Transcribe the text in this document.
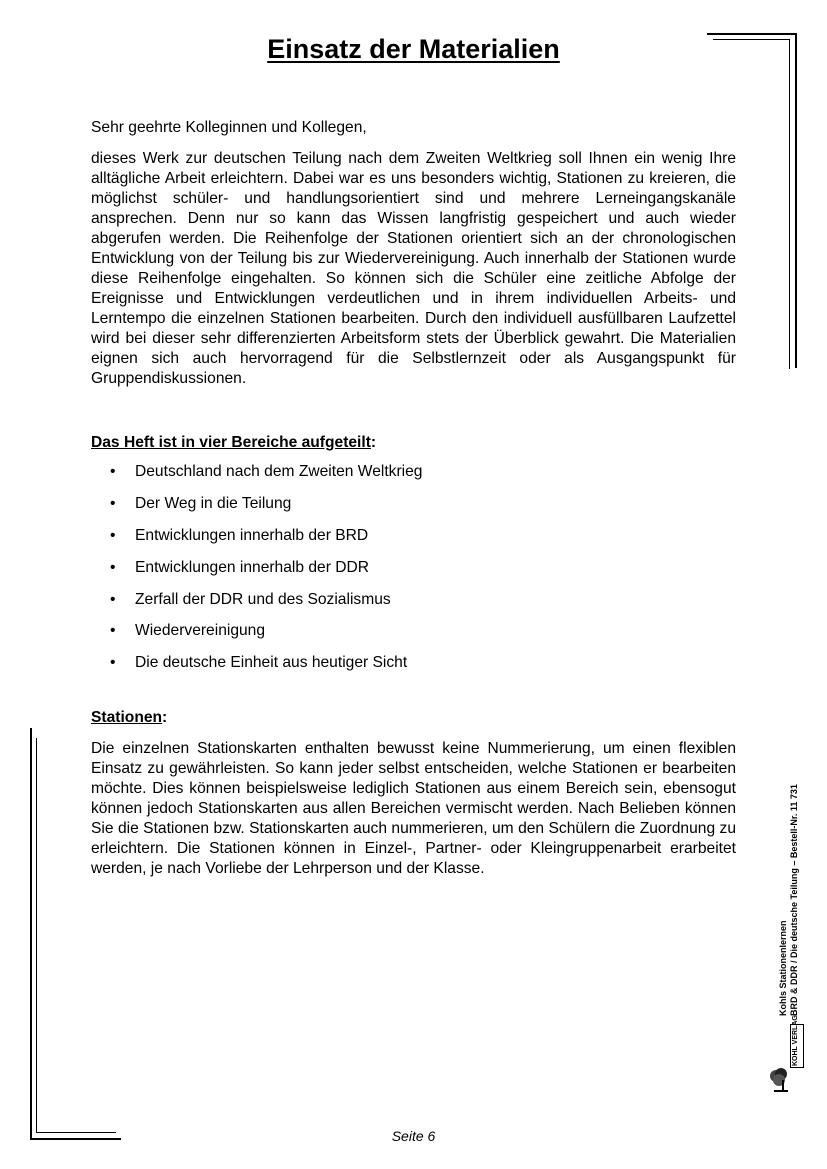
Einsatz der Materialien

Sehr geehrte Kolleginnen und Kollegen,

dieses Werk zur deutschen Teilung nach dem Zweiten Weltkrieg soll Ihnen ein wenig Ihre alltägliche Arbeit erleichtern. Dabei war es uns besonders wichtig, Stationen zu kreieren, die möglichst schüler- und handlungsorientiert sind und mehrere Lerneingangskanäle ansprechen. Denn nur so kann das Wissen langfristig gespeichert und auch wieder abgerufen werden. Die Reihenfolge der Stationen orientiert sich an der chronologischen Entwicklung von der Teilung bis zur Wiedervereinigung. Auch innerhalb der Stationen wurde diese Reihenfolge eingehalten. So können sich die Schüler eine zeitliche Abfolge der Ereignisse und Entwicklungen verdeutlichen und in ihrem individuellen Arbeits- und Lerntempo die einzelnen Stationen bearbeiten. Durch den individuell ausfüllbaren Laufzettel wird bei dieser sehr differenzierten Arbeitsform stets der Überblick gewahrt. Die Materialien eignen sich auch hervorragend für die Selbstlernzeit oder als Ausgangspunkt für Gruppendiskussionen.

Das Heft ist in vier Bereiche aufgeteilt:

•	Deutschland nach dem Zweiten Weltkrieg
•	Der Weg in die Teilung
•	Entwicklungen innerhalb der BRD
•	Entwicklungen innerhalb der DDR
•	Zerfall der DDR und des Sozialismus
•	Wiedervereinigung
•	Die deutsche Einheit aus heutiger Sicht

Stationen:

Die einzelnen Stationskarten enthalten bewusst keine Nummerierung, um einen flexiblen Einsatz zu gewährleisten. So kann jeder selbst entscheiden, welche Stationen er bearbeiten möchte. Dies können beispielsweise lediglich Stationen aus einem Bereich sein, ebensogut können jedoch Stationskarten aus allen Bereichen vermischt werden. Nach Belieben können Sie die Stationen bzw. Stationskarten auch nummerieren, um den Schülern die Zuordnung zu erleichtern. Die Stationen können in Einzel-, Partner- oder Kleingruppenarbeit erarbeitet werden, je nach Vorliebe der Lehrperson und der Klasse.

Kohls Stationenlernen BRD & DDR / Die deutsche Teilung – Bestell-Nr. 11 731
KOHL VERLAG
Seite 6
